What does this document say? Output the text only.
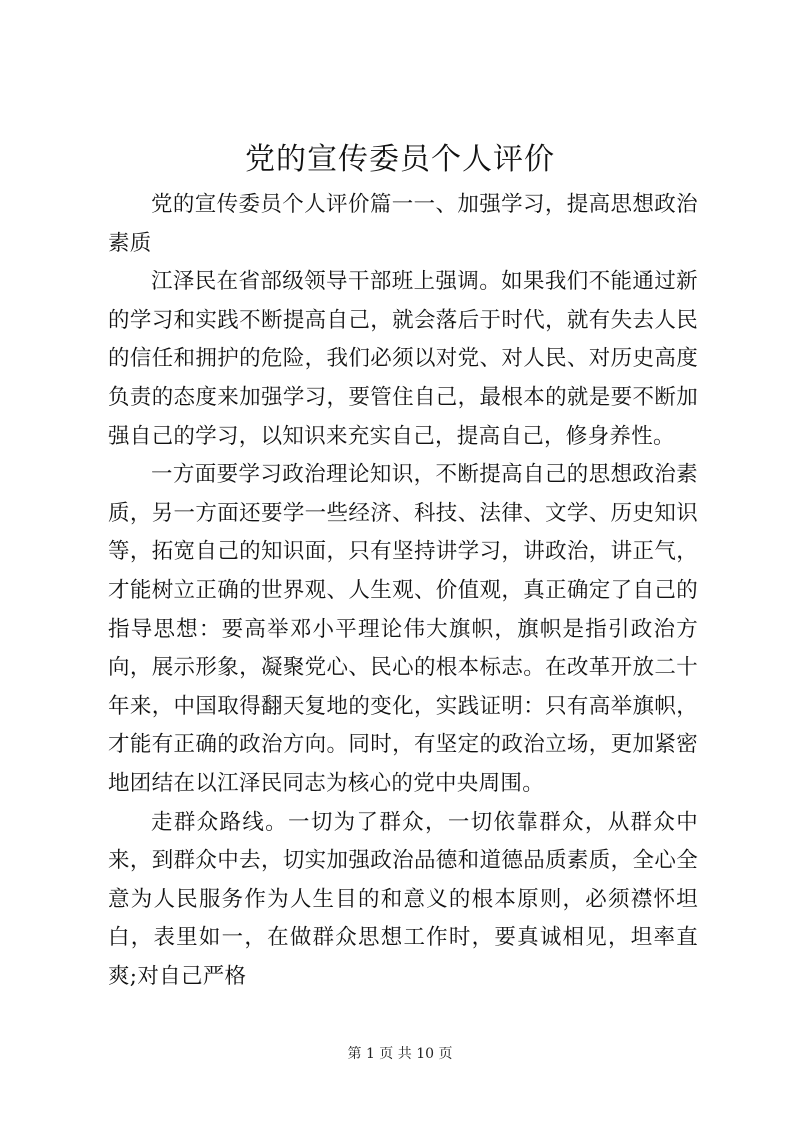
党的宣传委员个人评价

党的宣传委员个人评价篇一一、加强学习，提高思想政治素质

江泽民在省部级领导干部班上强调。如果我们不能通过新的学习和实践不断提高自己，就会落后于时代，就有失去人民的信任和拥护的危险，我们必须以对党、对人民、对历史高度负责的态度来加强学习，要管住自己，最根本的就是要不断加强自己的学习，以知识来充实自己，提高自己，修身养性。

一方面要学习政治理论知识，不断提高自己的思想政治素质，另一方面还要学一些经济、科技、法律、文学、历史知识等，拓宽自己的知识面，只有坚持讲学习，讲政治，讲正气，才能树立正确的世界观、人生观、价值观，真正确定了自己的指导思想：要高举邓小平理论伟大旗帜，旗帜是指引政治方向，展示形象，凝聚党心、民心的根本标志。在改革开放二十年来，中国取得翻天复地的变化，实践证明：只有高举旗帜，才能有正确的政治方向。同时，有坚定的政治立场，更加紧密地团结在以江泽民同志为核心的党中央周围。

走群众路线。一切为了群众，一切依靠群众，从群众中来，到群众中去，切实加强政治品德和道德品质素质，全心全意为人民服务作为人生目的和意义的根本原则，必须襟怀坦白，表里如一，在做群众思想工作时，要真诚相见，坦率直爽;对自己严格

第 1 页 共 10 页
